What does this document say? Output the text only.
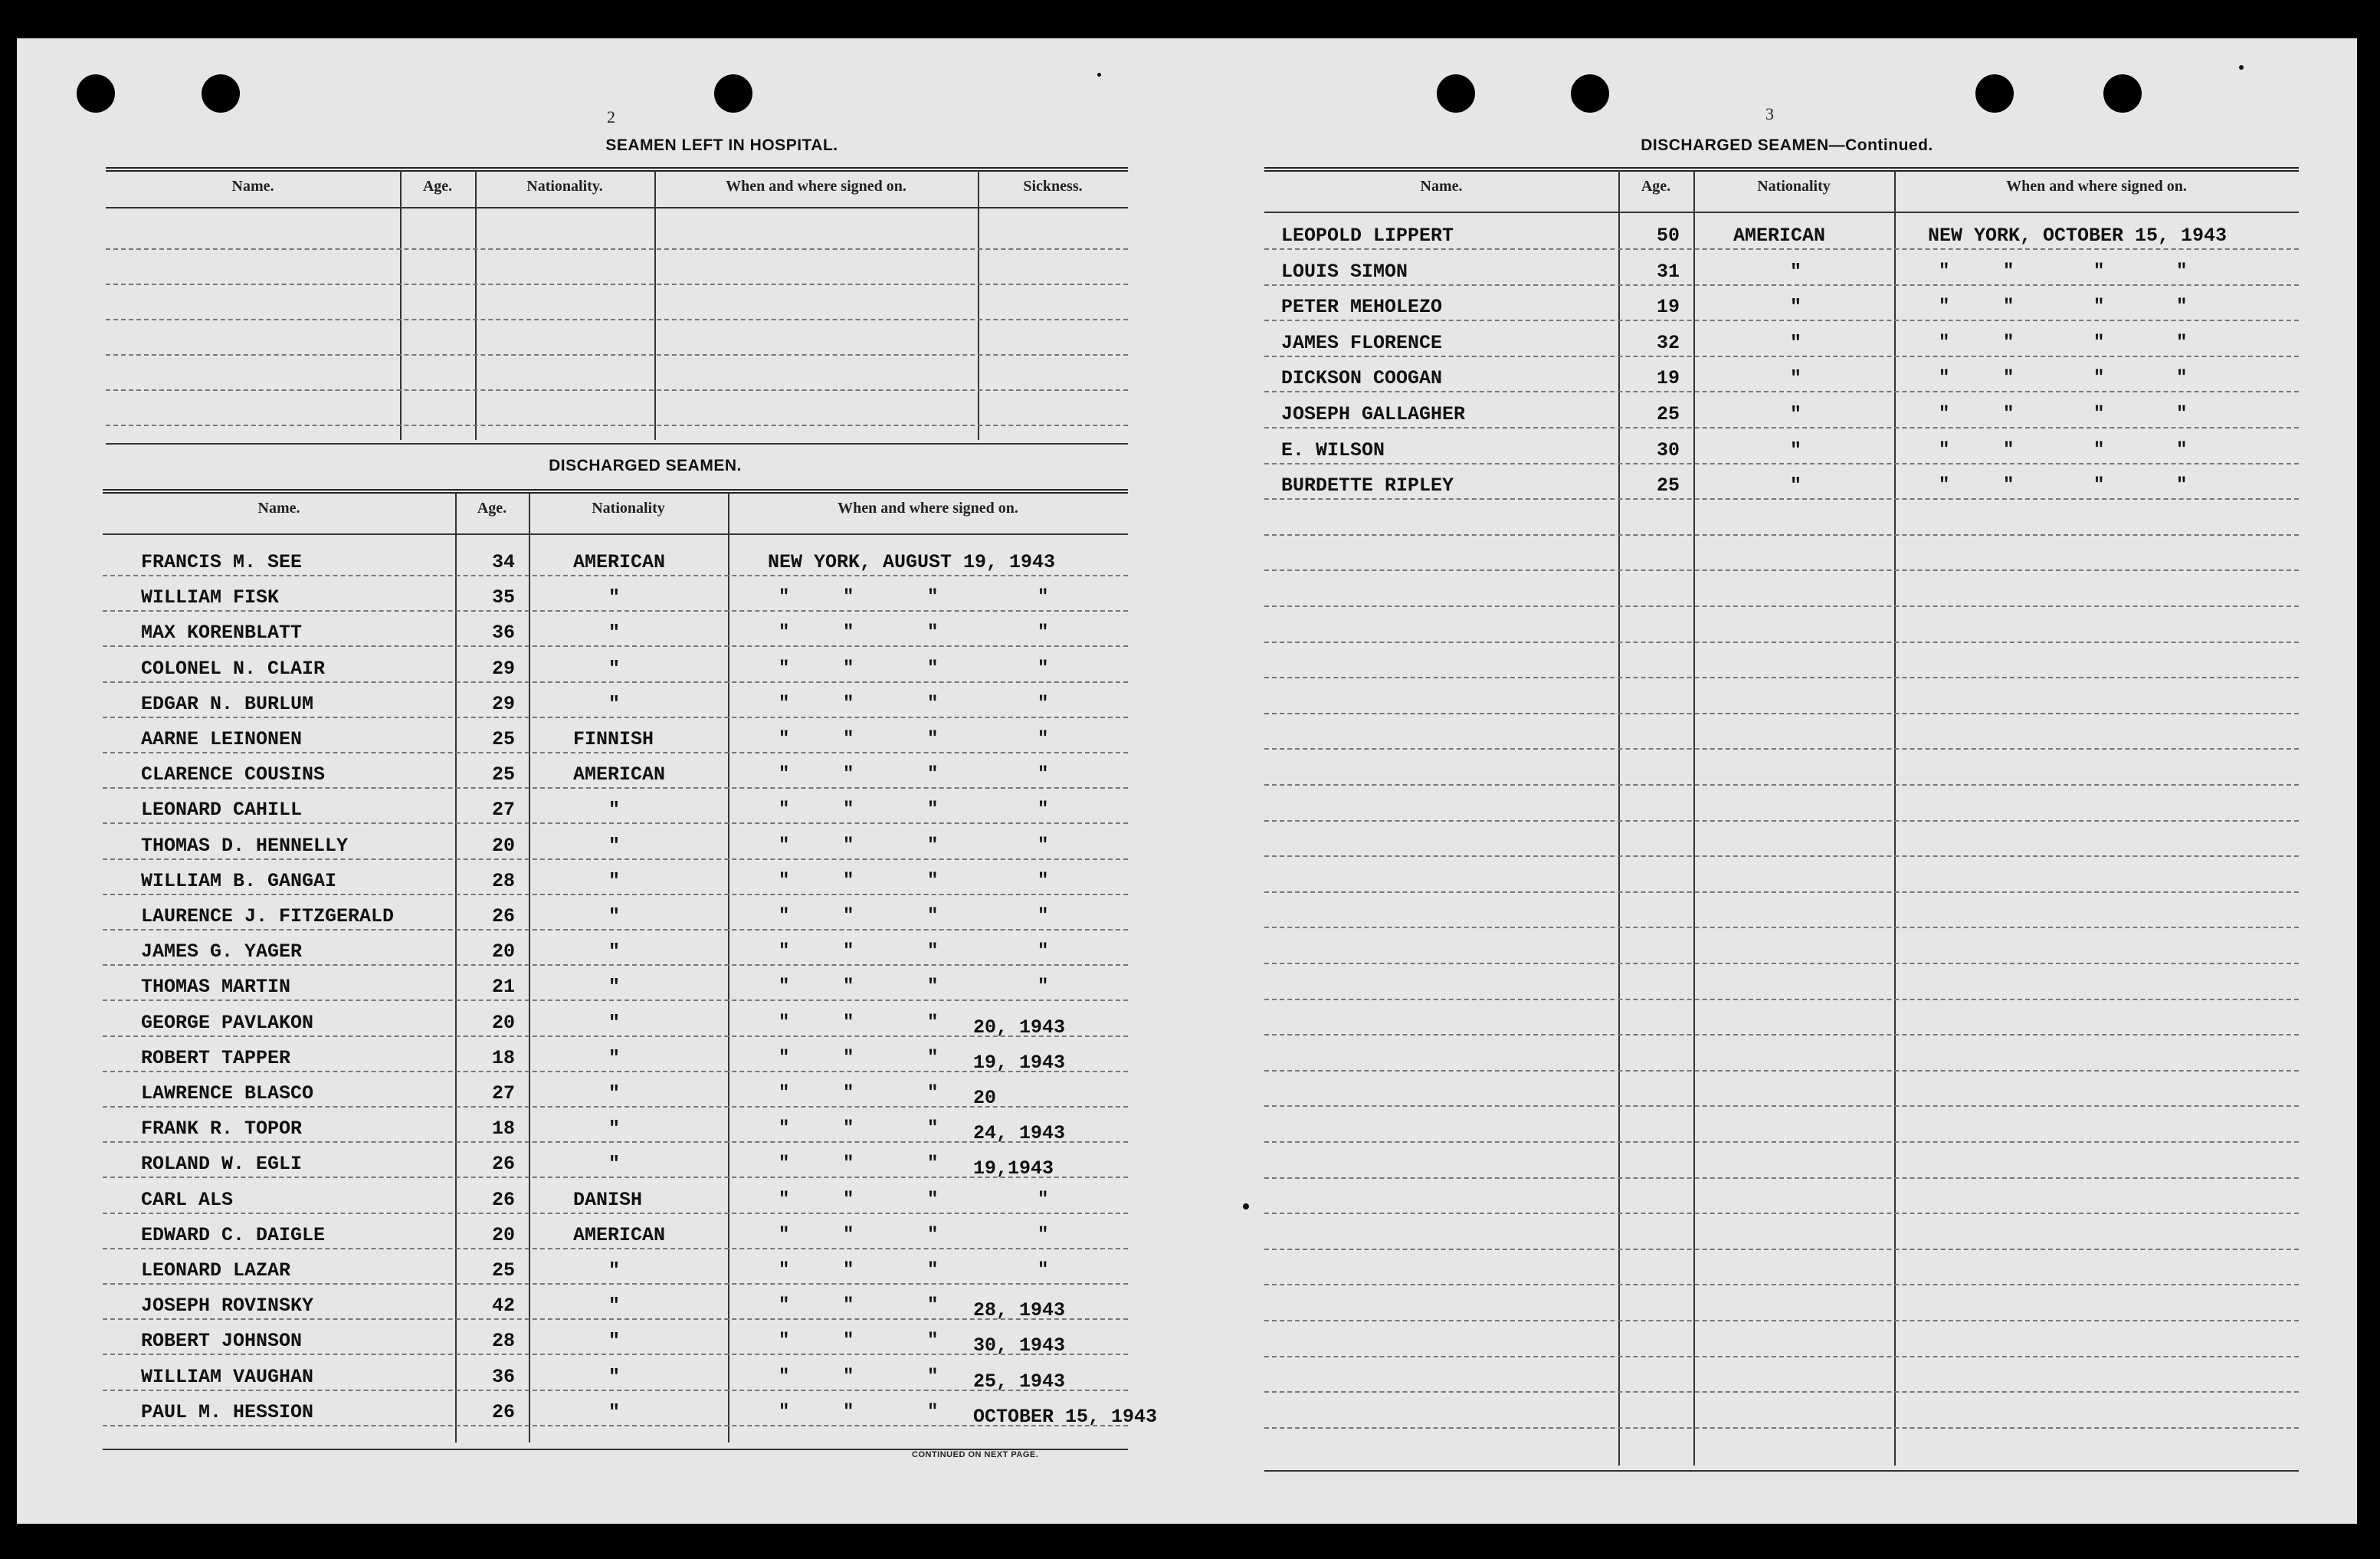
2	3
SEAMEN LEFT IN HOSPITAL.
Name.	Age.	Nationality.	When and where signed on.	Sickness.
DISCHARGED SEAMEN.
Name.	Age.	Nationality	When and where signed on.
FRANCIS M. SEE	34	AMERICAN	NEW YORK, AUGUST 19, 1943
WILLIAM FISK	35	"	"	"	"	"
MAX KORENBLATT	36	"	"	"	"	"
COLONEL N. CLAIR	29	"	"	"	"	"
EDGAR N. BURLUM	29	"	"	"	"	"
AARNE LEINONEN	25	FINNISH	"	"	"	"
CLARENCE COUSINS	25	AMERICAN	"	"	"	"
LEONARD CAHILL	27	"	"	"	"	"
THOMAS D. HENNELLY	20	"	"	"	"	"
WILLIAM B. GANGAI	28	"	"	"	"	"
LAURENCE J. FITZGERALD	26	"	"	"	"	"
JAMES G. YAGER	20	"	"	"	"	"
THOMAS MARTIN	21	"	"	"	"	"
GEORGE PAVLAKON	20	"	"	"	" 20, 1943
ROBERT TAPPER	18	"	"	"	" 19, 1943
LAWRENCE BLASCO	27	"	"	"	" 20
FRANK R. TOPOR	18	"	"	"	" 24, 1943
ROLAND W. EGLI	26	"	"	"	" 19,1943
CARL ALS	26	DANISH	"	"	"	"
EDWARD C. DAIGLE	20	AMERICAN	"	"	"	"
LEONARD LAZAR	25	"	"	"	"	"
JOSEPH ROVINSKY	42	"	"	"	" 28, 1943
ROBERT JOHNSON	28	"	"	"	" 30, 1943
WILLIAM VAUGHAN	36	"	"	"	" 25, 1943
PAUL M. HESSION	26	"	"	"	" OCTOBER 15, 1943
CONTINUED ON NEXT PAGE.
DISCHARGED SEAMEN—Continued.
Name.	Age.	Nationality	When and where signed on.
LEOPOLD LIPPERT	50	AMERICAN	NEW YORK, OCTOBER 15, 1943
LOUIS SIMON	31	"	"	"	"	"
PETER MEHOLEZO	19	"	"	"	"	"
JAMES FLORENCE	32	"	"	"	"	"
DICKSON COOGAN	19	"	"	"	"	"
JOSEPH GALLAGHER	25	"	"	"	"	"
E. WILSON	30	"	"	"	"	"
BURDETTE RIPLEY	25	"	"	"	"	"
